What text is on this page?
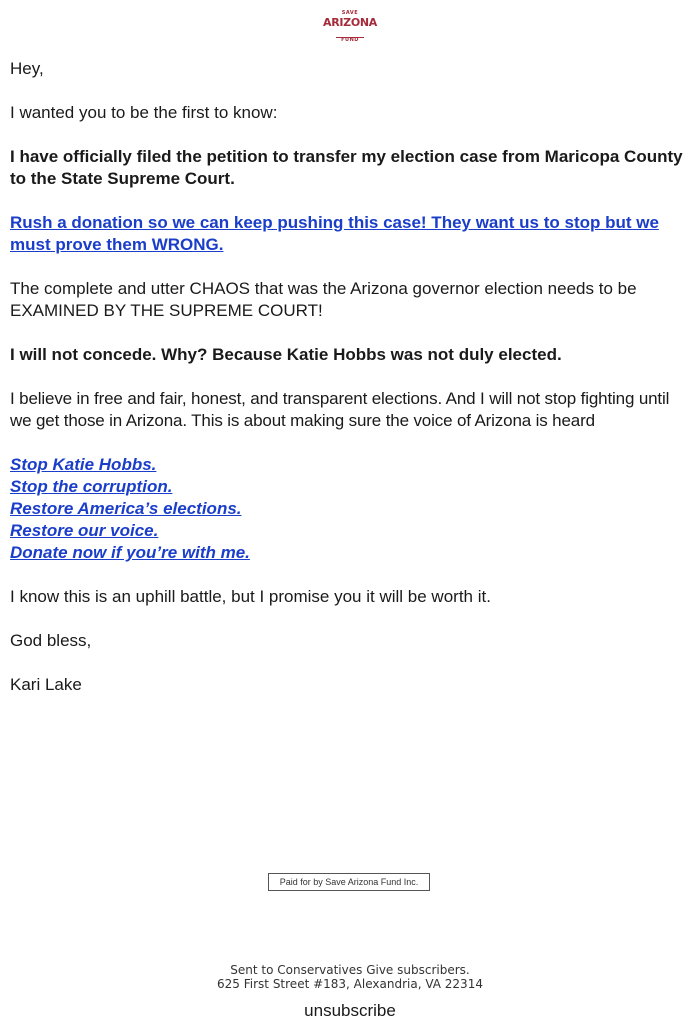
SAVE
ARIZONA
FUND

Hey,

I wanted you to be the first to know:

I have officially filed the petition to transfer my election case from Maricopa County to the State Supreme Court.

Rush a donation so we can keep pushing this case! They want us to stop but we must prove them WRONG.

The complete and utter CHAOS that was the Arizona governor election needs to be EXAMINED BY THE SUPREME COURT!

I will not concede. Why? Because Katie Hobbs was not duly elected.

I believe in free and fair, honest, and transparent elections. And I will not stop fighting until we get those in Arizona. This is about making sure the voice of Arizona is heard

Stop Katie Hobbs.
Stop the corruption.
Restore America’s elections.
Restore our voice.
Donate now if you’re with me.

I know this is an uphill battle, but I promise you it will be worth it.

God bless,

Kari Lake

Paid for by Save Arizona Fund Inc.
Sent to Conservatives Give subscribers.
625 First Street #183, Alexandria, VA 22314
unsubscribe
